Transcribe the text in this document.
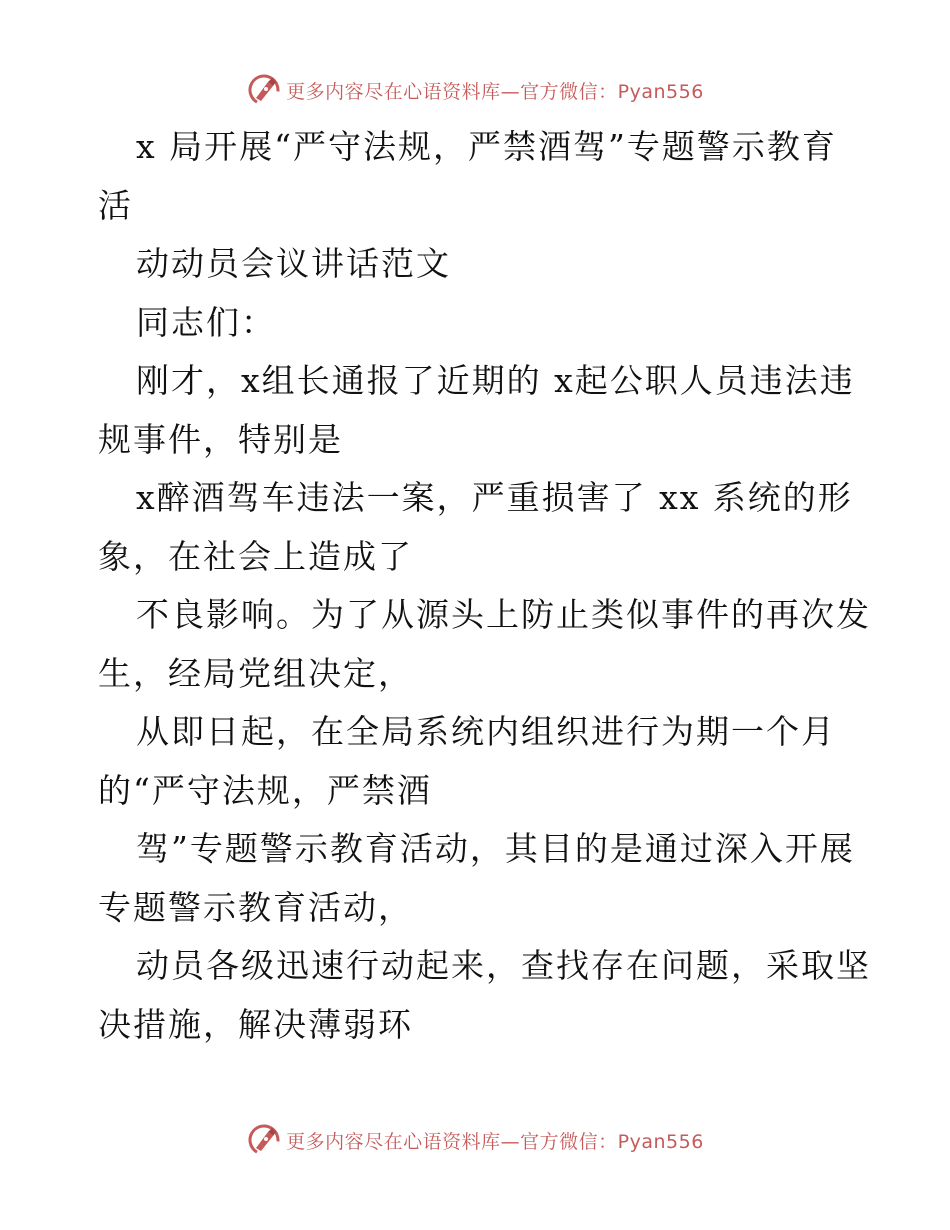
更多内容尽在心语资料库—官方微信：Pyan556
x 局开展“严守法规，严禁酒驾”专题警示教育
活
动动员会议讲话范文
同志们：
刚才，x组长通报了近期的 x起公职人员违法违
规事件，特别是
x醉酒驾车违法一案，严重损害了 xx 系统的形
象，在社会上造成了
不良影响。为了从源头上防止类似事件的再次发
生，经局党组决定，
从即日起，在全局系统内组织进行为期一个月
的“严守法规，严禁酒
驾”专题警示教育活动，其目的是通过深入开展
专题警示教育活动，
动员各级迅速行动起来，查找存在问题，采取坚
决措施，解决薄弱环
更多内容尽在心语资料库—官方微信：Pyan556
